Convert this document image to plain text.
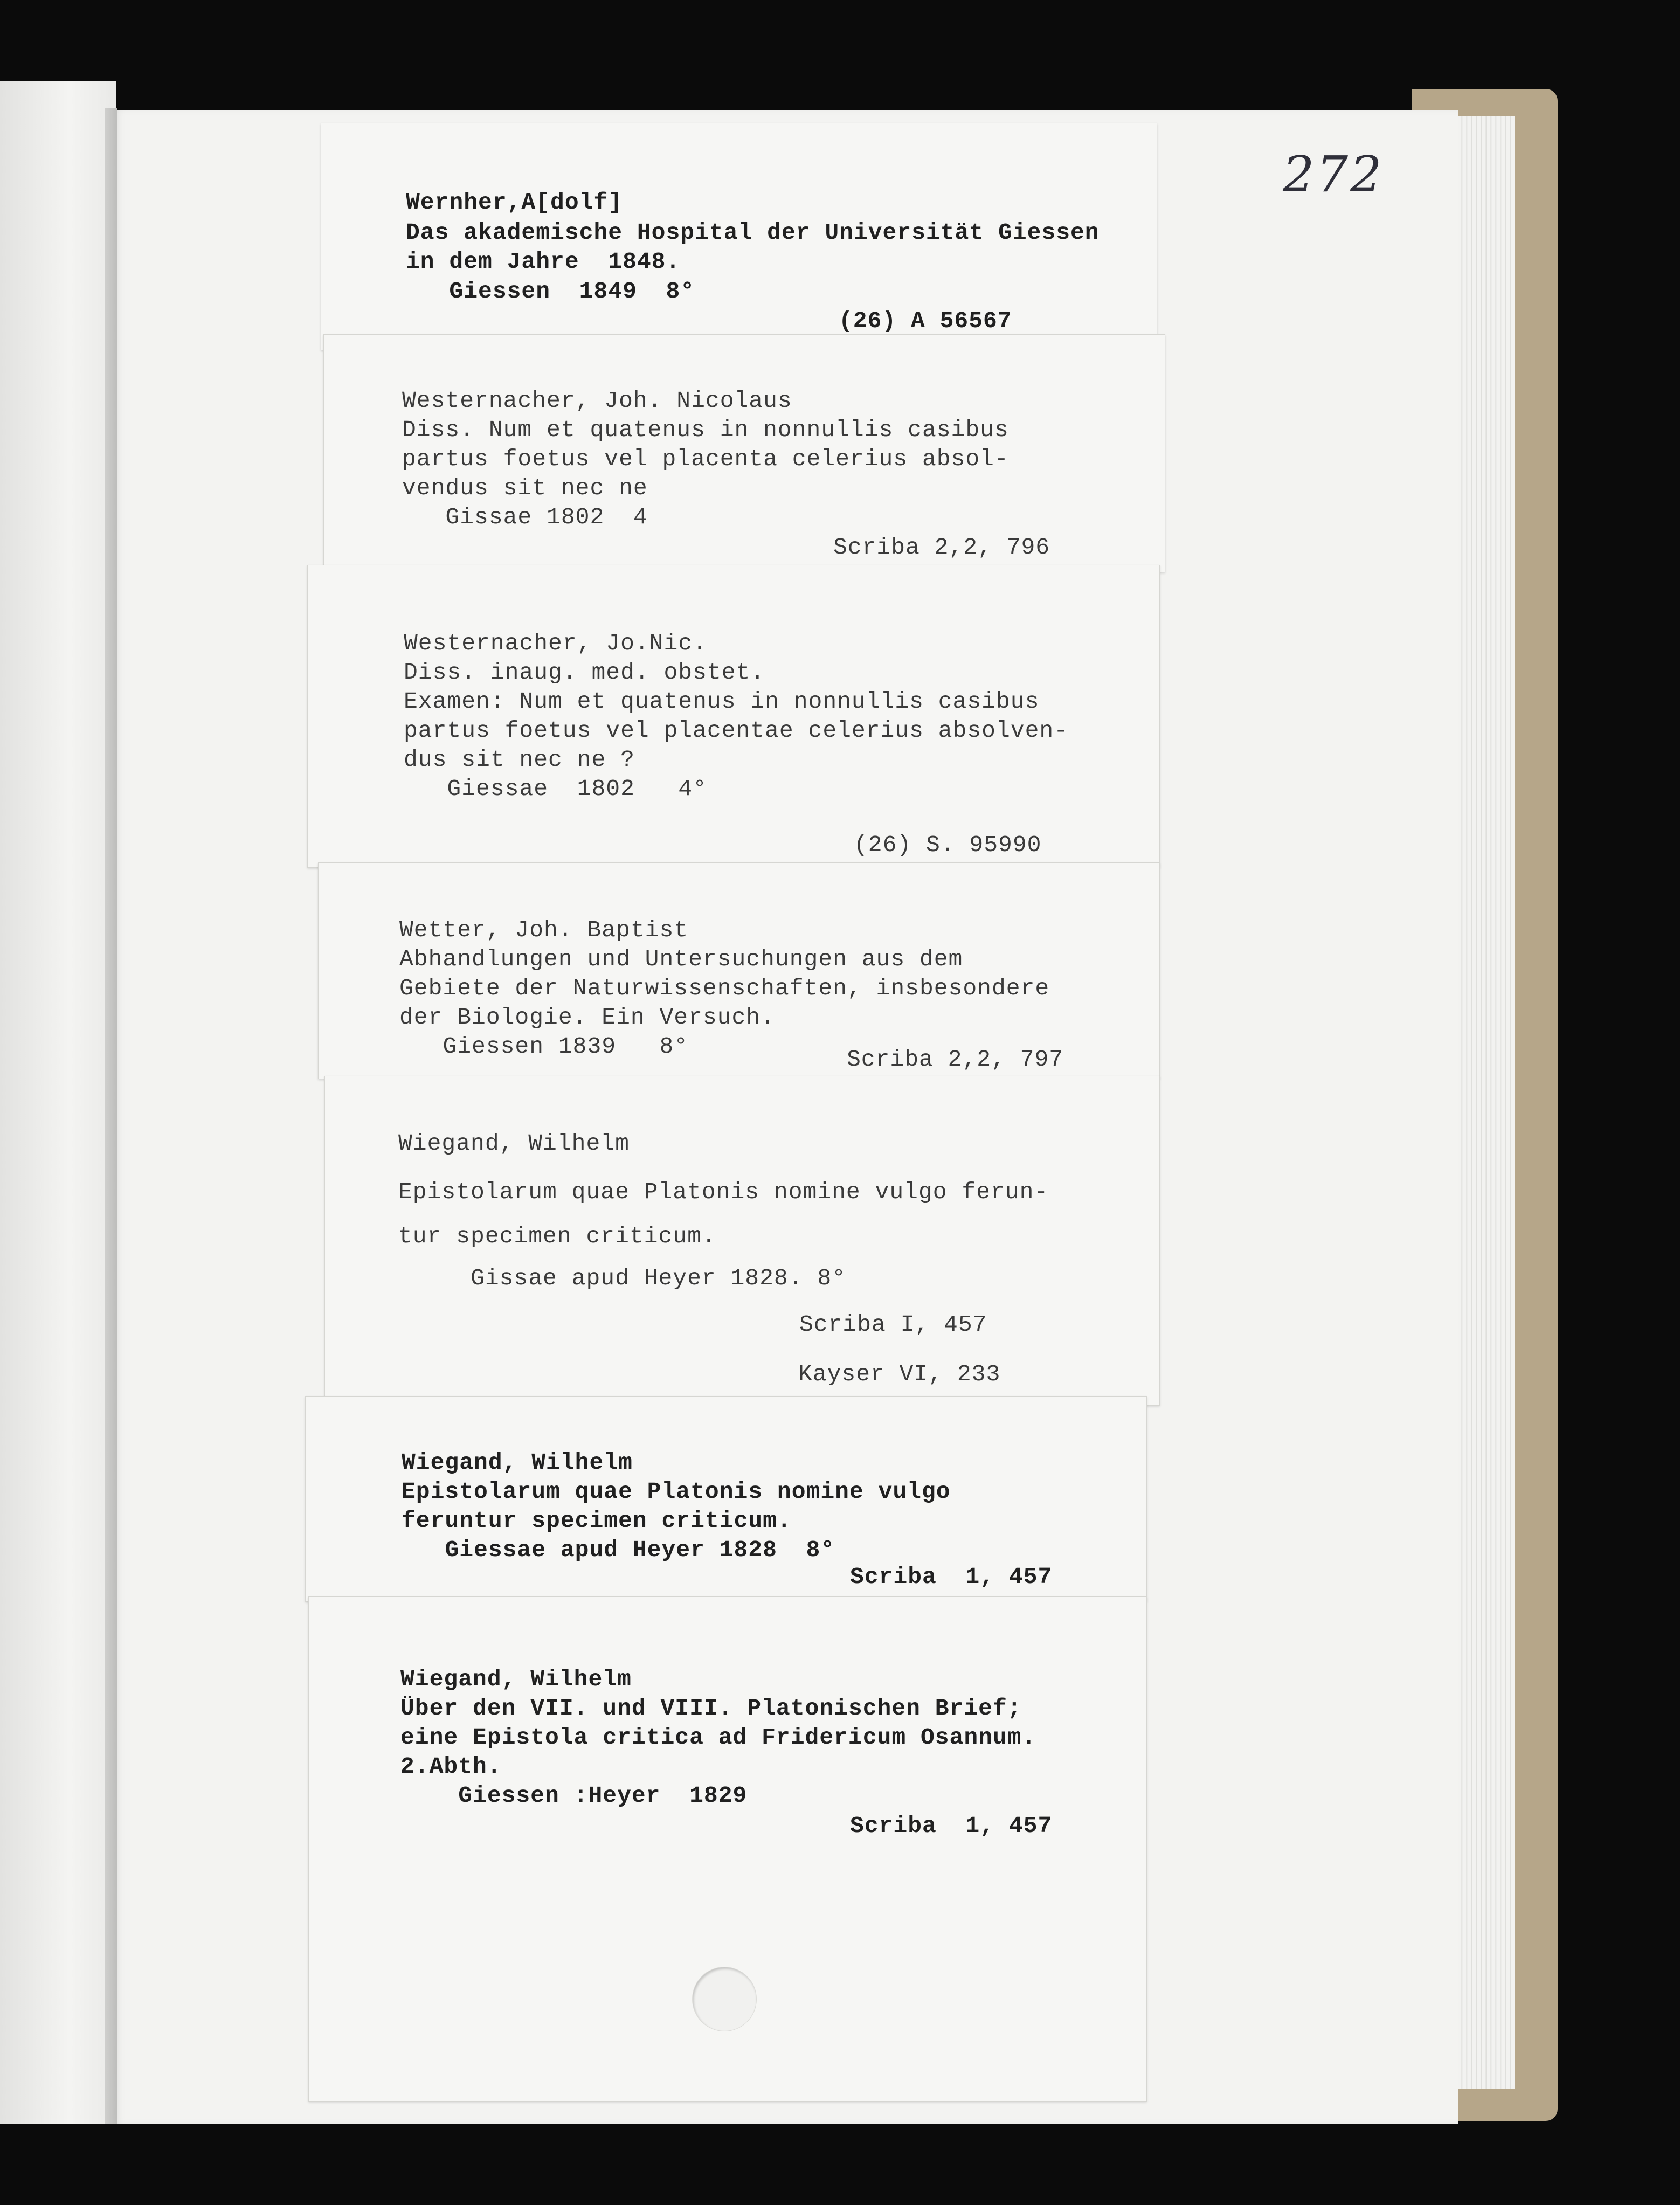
272
Wernher,A[dolf]
Das akademische Hospital der Universität Giessen
in dem Jahre  1848.
Giessen  1849  8°
(26) A 56567
Westernacher, Joh. Nicolaus
Diss. Num et quatenus in nonnullis casibus
partus foetus vel placenta celerius absol-
vendus sit nec ne
Gissae 1802  4
Scriba 2,2, 796
Westernacher, Jo.Nic.
Diss. inaug. med. obstet.
Examen: Num et quatenus in nonnullis casibus
partus foetus vel placentae celerius absolven-
dus sit nec ne ?
Giessae  1802   4°
(26) S. 95990
Wetter, Joh. Baptist
Abhandlungen und Untersuchungen aus dem
Gebiete der Naturwissenschaften, insbesondere
der Biologie. Ein Versuch.
Giessen 1839   8°	Scriba 2,2, 797
Wiegand, Wilhelm
Epistolarum quae Platonis nomine vulgo ferun-
tur specimen criticum.
Gissae apud Heyer 1828. 8°
Scriba I, 457
Kayser VI, 233
Wiegand, Wilhelm
Epistolarum quae Platonis nomine vulgo
feruntur specimen criticum.
Giessae apud Heyer 1828  8°
Scriba  1, 457
Wiegand, Wilhelm
Über den VII. und VIII. Platonischen Brief;
eine Epistola critica ad Fridericum Osannum.
2.Abth.
Giessen :Heyer  1829
Scriba  1, 457
